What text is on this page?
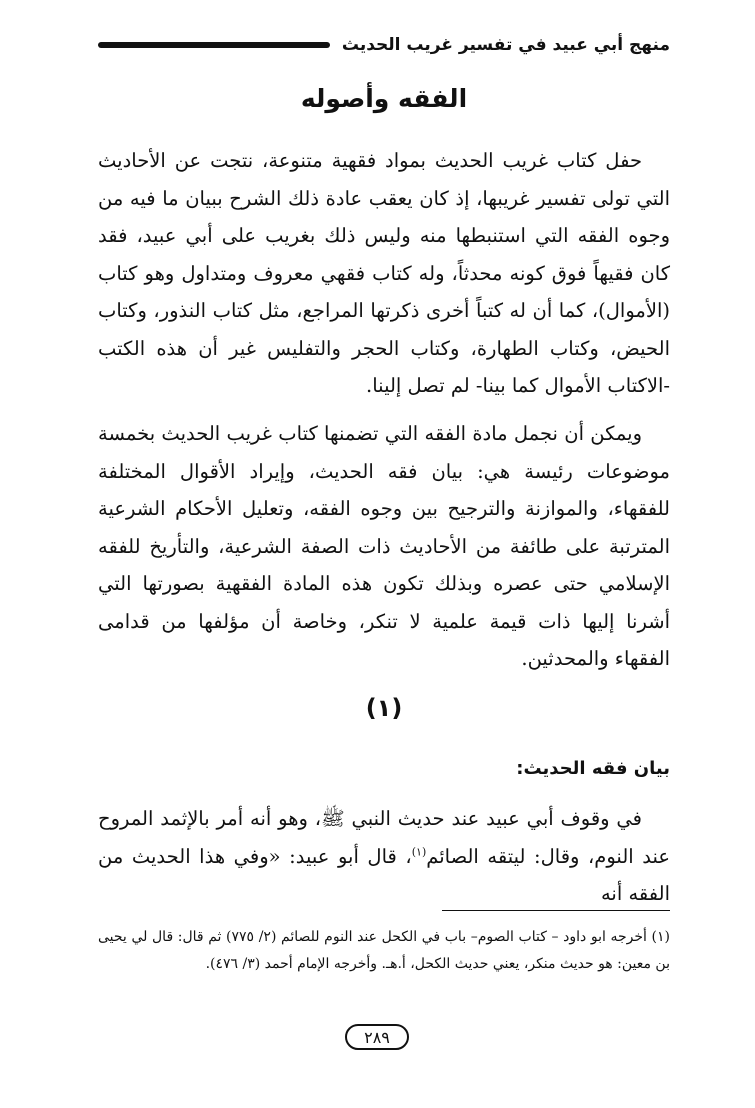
منهج أبي عبيد في تفسير غريب الحديث
الفقه وأصوله

حفل كتاب غريب الحديث بمواد فقهية متنوعة، نتجت عن الأحاديث التي تولى تفسير غريبها، إذ كان يعقب عادة ذلك الشرح ببيان ما فيه من وجوه الفقه التي استنبطها منه وليس ذلك بغريب على أبي عبيد، فقد كان فقيهاً فوق كونه محدثاً، وله كتاب فقهي معروف ومتداول وهو كتاب (الأموال)، كما أن له كتباً أخرى ذكرتها المراجع، مثل كتاب النذور، وكتاب الحيض، وكتاب الطهارة، وكتاب الحجر والتفليس غير أن هذه الكتب -الاكتاب الأموال كما بينا- لم تصل إلينا.

ويمكن أن نجمل مادة الفقه التي تضمنها كتاب غريب الحديث بخمسة موضوعات رئيسة هي: بيان فقه الحديث، وإيراد الأقوال المختلفة للفقهاء، والموازنة والترجيح بين وجوه الفقه، وتعليل الأحكام الشرعية المترتبة على طائفة من الأحاديث ذات الصفة الشرعية، والتأريخ للفقه الإسلامي حتى عصره وبذلك تكون هذه المادة الفقهية بصورتها التي أشرنا إليها ذات قيمة علمية لا تنكر، وخاصة أن مؤلفها من قدامى الفقهاء والمحدثين.

(١)
بيان فقه الحديث:

في وقوف أبي عبيد عند حديث النبي ﷺ، وهو أنه أمر بالإثمد المروح عند النوم، وقال: ليتقه الصائم$^{(١)}$، قال أبو عبيد: «وفي هذا الحديث من الفقه أنه

(١) أخرجه ابو داود – كتاب الصوم– باب في الكحل عند النوم للصائم (٢/ ٧٧٥) ثم قال: قال لي يحيى بن معين: هو حديث منكر، يعني حديث الكحل، أ.هـ. وأخرجه الإمام أحمد (٣/ ٤٧٦).

٢٨٩
